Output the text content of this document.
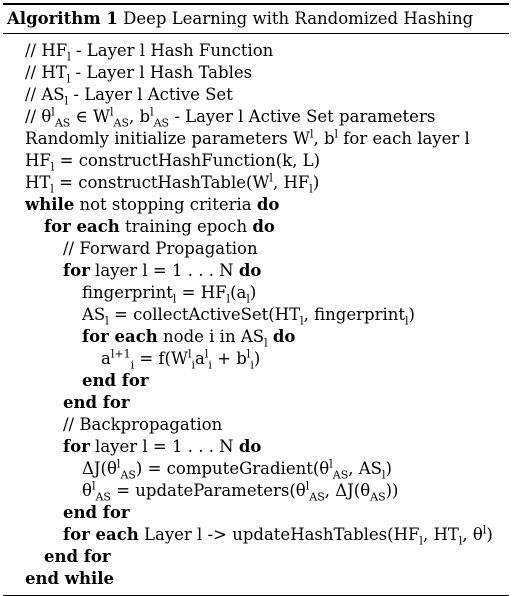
Algorithm 1 Deep Learning with Randomized Hashing
// $HF_l$ - Layer l Hash Function
// $HT_l$ - Layer l Hash Tables
// $AS_l$ - Layer l Active Set
// $\theta^l_{AS}$ ∈ $W^l_{AS}$, $b^l_{AS}$ - Layer l Active Set parameters
Randomly initialize parameters $W^l$, $b^l$ for each layer l
$HF_l$ = constructHashFunction(k, L)
$HT_l$ = $constructHashTable(W^l$, $HF_l$)
while not stopping criteria do
for each training epoch do
// Forward Propagation
for layer l = 1 . . . N do
fingerprint$_l$ = $HF_l(a_l)$
$AS_l$ = $collectActiveSet(HT_l$, fingerprint$_l$)
for each node i in $AS_l$ do
$a^{l+1}_i = f(W^l_ia^l_i + b^l_i)$
end for
end for
// Backpropagation
for layer l = 1 . . . N do
$\Delta J(\theta^l_{AS})$ = $computeGradient(\theta^l_{AS}$, $AS_l$)
$\theta^l_{AS}$ = $updateParameters(\theta^l_{AS}$, $\Delta J(\theta_{AS})$)
end for
for each Layer $l -> updateHashTables(HF_l$, $HT_l$, $\theta^l$)
end for
end while
